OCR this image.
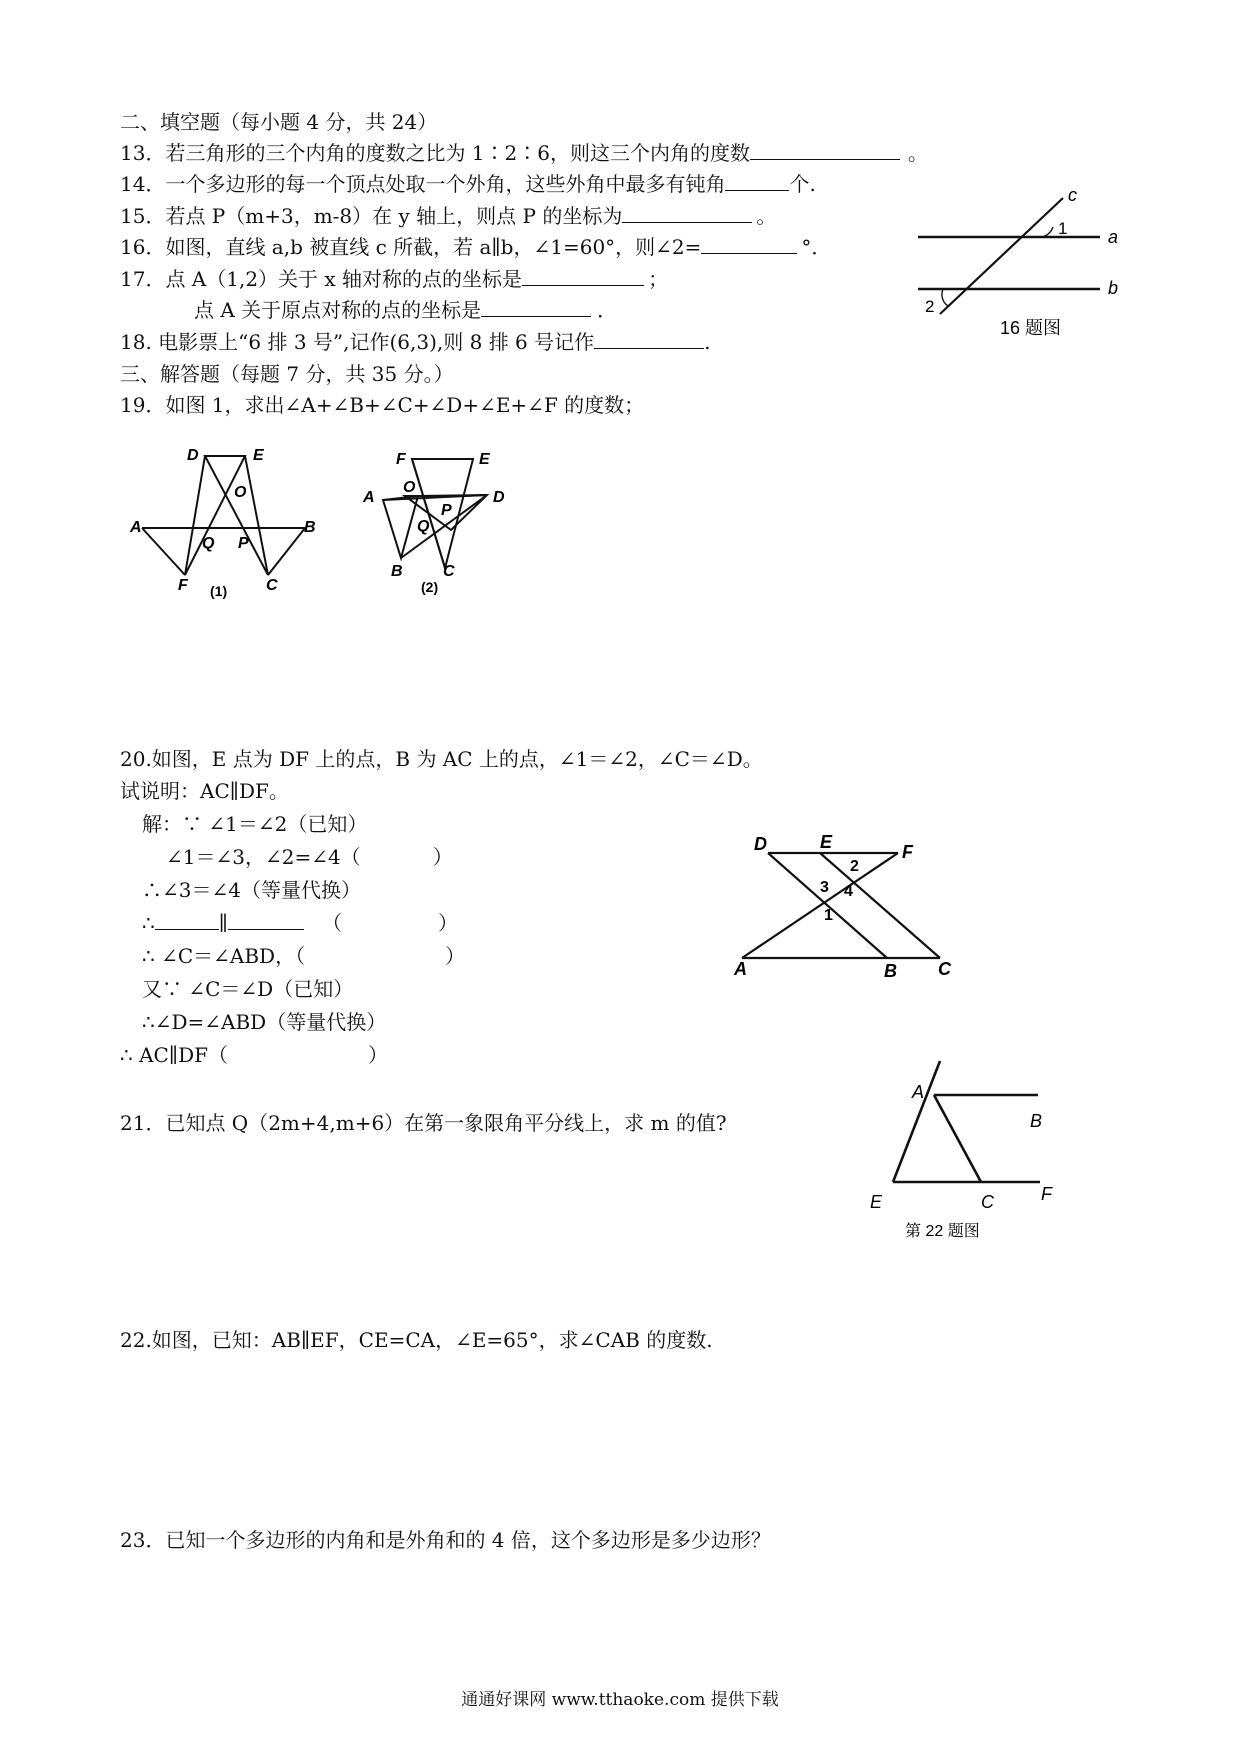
二、填空题（每小题 4 分，共 24）
13．若三角形的三个内角的度数之比为 1∶2∶6，则这三个内角的度数	。
14．一个多边形的每一个顶点处取一个外角，这些外角中最多有钝角	个.
15．若点 P（m+3，m-8）在 y 轴上，则点 P 的坐标为	。
16．如图，直线 a,b 被直线 c 所截，若 a∥b，∠1=60°，则∠2=	°．
17．点 A（1,2）关于 x 轴对称的点的坐标是	；
点 A 关于原点对称的点的坐标是	．
18. 电影票上“6 排 3 号”,记作(6,3),则 8 排 6 号记作	.
三、解答题（每题 7 分，共 35 分。）
19．如图 1，求出∠A+∠B+∠C+∠D+∠E+∠F 的度数；
c
a
b
1
2
16 题图
D	E
O
A	B
Q P
F	C
(1)
F	E
O
A	D
P
Q
B	C
(2)
20.如图，E 点为 DF 上的点，B 为 AC 上的点，∠1＝∠2，∠C＝∠D。
试说明：AC∥DF。
解：∵ ∠1＝∠2（已知）
∠1＝∠3，∠2=∠4（	）
∴∠3＝∠4（等量代换）
∴	∥	（	）
∴ ∠C＝∠ABD，（	）
又∵ ∠C＝∠D（已知）
∴∠D=∠ABD（等量代换）
∴ AC∥DF（	）
D	E	F
A	B C
2
3 4
1
21．已知点 Q（2m+4,m+6）在第一象限角平分线上，求 m 的值?
A
B
E	C	F
第 22 题图
22.如图，已知：AB∥EF，CE=CA，∠E=65°，求∠CAB 的度数.
23．已知一个多边形的内角和是外角和的 4 倍，这个多边形是多少边形？
通通好课网 www.tthaoke.com 提供下载
